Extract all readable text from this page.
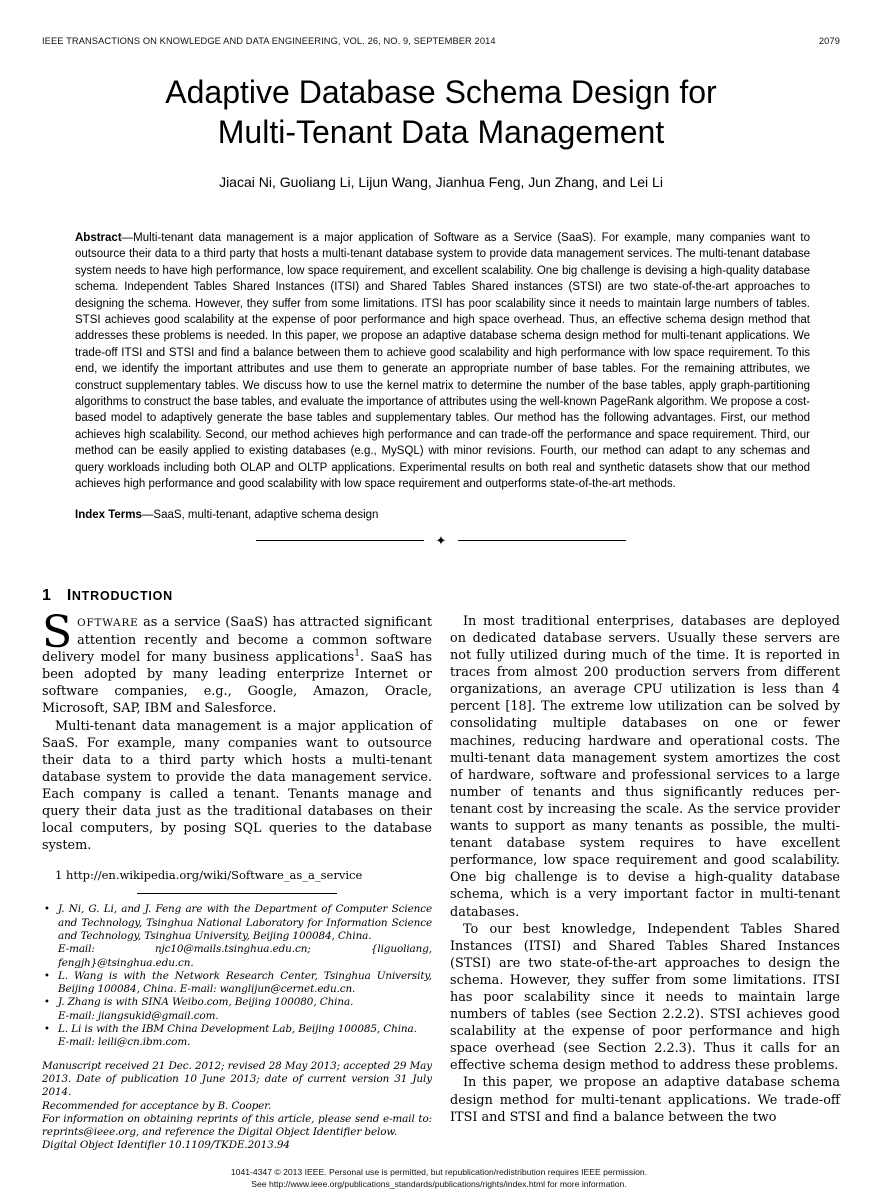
IEEE TRANSACTIONS ON KNOWLEDGE AND DATA ENGINEERING, VOL. 26, NO. 9, SEPTEMBER 2014	2079
Adaptive Database Schema Design for
Multi-Tenant Data Management
Jiacai Ni, Guoliang Li, Lijun Wang, Jianhua Feng, Jun Zhang, and Lei Li
Abstract—Multi-tenant data management is a major application of Software as a Service (SaaS). For example, many companies want to outsource their data to a third party that hosts a multi-tenant database system to provide data management services. The multi-tenant database system needs to have high performance, low space requirement, and excellent scalability. One big challenge is devising a high-quality database schema. Independent Tables Shared Instances (ITSI) and Shared Tables Shared instances (STSI) are two state-of-the-art approaches to designing the schema. However, they suffer from some limitations. ITSI has poor scalability since it needs to maintain large numbers of tables. STSI achieves good scalability at the expense of poor performance and high space overhead. Thus, an effective schema design method that addresses these problems is needed. In this paper, we propose an adaptive database schema design method for multi-tenant applications. We trade-off ITSI and STSI and find a balance between them to achieve good scalability and high performance with low space requirement. To this end, we identify the important attributes and use them to generate an appropriate number of base tables. For the remaining attributes, we construct supplementary tables. We discuss how to use the kernel matrix to determine the number of the base tables, apply graph-partitioning algorithms to construct the base tables, and evaluate the importance of attributes using the well-known PageRank algorithm. We propose a cost-based model to adaptively generate the base tables and supplementary tables. Our method has the following advantages. First, our method achieves high scalability. Second, our method achieves high performance and can trade-off the performance and space requirement. Third, our method can be easily applied to existing databases (e.g., MySQL) with minor revisions. Fourth, our method can adapt to any schemas and query workloads including both OLAP and OLTP applications. Experimental results on both real and synthetic datasets show that our method achieves high performance and good scalability with low space requirement and outperforms state-of-the-art methods.
Index Terms—SaaS, multi-tenant, adaptive schema design
✦
1 INTRODUCTION

SOFTWARE as a service (SaaS) has attracted significant attention recently and become a common software delivery model for many business applications$^1$. SaaS has been adopted by many leading enterprize Internet or software companies, e.g., Google, Amazon, Oracle, Microsoft, SAP, IBM and Salesforce.

Multi-tenant data management is a major application of SaaS. For example, many companies want to outsource their data to a third party which hosts a multi-tenant database system to provide the data management service. Each company is called a tenant. Tenants manage and query their data just as the traditional databases on their local computers, by posing SQL queries to the database system.

1 http://en.wikipedia.org/wiki/Software_as_a_service
• J. Ni, G. Li, and J. Feng are with the Department of Computer Science and Technology, Tsinghua National Laboratory for Information Science and Technology, Tsinghua University, Beijing 100084, China.
E-mail: njc10@mails.tsinghua.edu.cn; {liguoliang, fengjh}@tsinghua.edu.cn.
• L. Wang is with the Network Research Center, Tsinghua University, Beijing 100084, China. E-mail: wanglijun@cernet.edu.cn.
• J. Zhang is with SINA Weibo.com, Beijing 100080, China.
E-mail: jiangsukid@gmail.com.
• L. Li is with the IBM China Development Lab, Beijing 100085, China.
E-mail: leili@cn.ibm.com.

Manuscript received 21 Dec. 2012; revised 28 May 2013; accepted 29 May 2013. Date of publication 10 June 2013; date of current version 31 July 2014.

Recommended for acceptance by B. Cooper.

For information on obtaining reprints of this article, please send e-mail to: reprints@ieee.org, and reference the Digital Object Identifier below.

Digital Object Identifier 10.1109/TKDE.2013.94

In most traditional enterprises, databases are deployed on dedicated database servers. Usually these servers are not fully utilized during much of the time. It is reported in traces from almost 200 production servers from different organizations, an average CPU utilization is less than 4 percent [18]. The extreme low utilization can be solved by consolidating multiple databases on one or fewer machines, reducing hardware and operational costs. The multi-tenant data management system amortizes the cost of hardware, software and professional services to a large number of tenants and thus significantly reduces per-tenant cost by increasing the scale. As the service provider wants to support as many tenants as possible, the multi-tenant database system requires to have excellent performance, low space requirement and good scalability. One big challenge is to devise a high-quality database schema, which is a very important factor in multi-tenant databases.

To our best knowledge, Independent Tables Shared Instances (ITSI) and Shared Tables Shared Instances (STSI) are two state-of-the-art approaches to design the schema. However, they suffer from some limitations. ITSI has poor scalability since it needs to maintain large numbers of tables (see Section 2.2.2). STSI achieves good scalability at the expense of poor performance and high space overhead (see Section 2.2.3). Thus it calls for an effective schema design method to address these problems.

In this paper, we propose an adaptive database schema design method for multi-tenant applications. We trade-off ITSI and STSI and find a balance between the two

1041-4347 © 2013 IEEE. Personal use is permitted, but republication/redistribution requires IEEE permission.
See http://www.ieee.org/publications_standards/publications/rights/index.html for more information.
